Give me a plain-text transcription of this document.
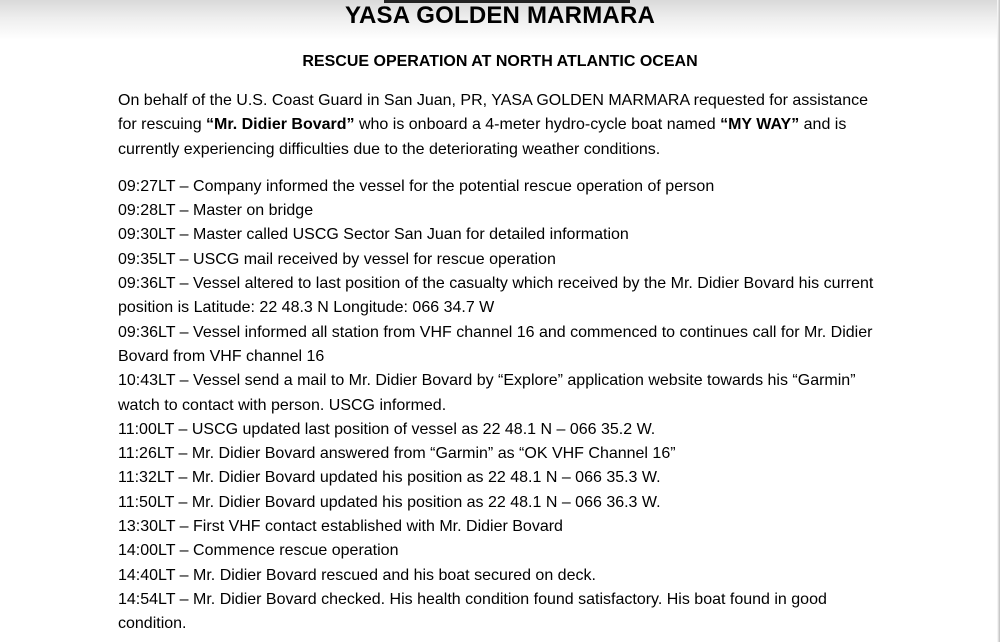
YASA GOLDEN MARMARA
RESCUE OPERATION AT NORTH ATLANTIC OCEAN

On behalf of the U.S. Coast Guard in San Juan, PR, YASA GOLDEN MARMARA requested for assistance for rescuing “Mr. Didier Bovard” who is onboard a 4-meter hydro-cycle boat named “MY WAY” and is currently experiencing difficulties due to the deteriorating weather conditions.

09:27LT – Company informed the vessel for the potential rescue operation of person
09:28LT – Master on bridge
09:30LT – Master called USCG Sector San Juan for detailed information
09:35LT – USCG mail received by vessel for rescue operation
09:36LT – Vessel altered to last position of the casualty which received by the Mr. Didier Bovard his current position is Latitude: 22 48.3 N Longitude: 066 34.7 W
09:36LT – Vessel informed all station from VHF channel 16 and commenced to continues call for Mr. Didier Bovard from VHF channel 16
10:43LT – Vessel send a mail to Mr. Didier Bovard by “Explore” application website towards his “Garmin” watch to contact with person. USCG informed.
11:00LT – USCG updated last position of vessel as 22 48.1 N – 066 35.2 W.
11:26LT – Mr. Didier Bovard answered from “Garmin” as “OK VHF Channel 16”
11:32LT – Mr. Didier Bovard updated his position as 22 48.1 N – 066 35.3 W.
11:50LT – Mr. Didier Bovard updated his position as 22 48.1 N – 066 36.3 W.
13:30LT – First VHF contact established with Mr. Didier Bovard
14:00LT – Commence rescue operation
14:40LT – Mr. Didier Bovard rescued and his boat secured on deck.
14:54LT – Mr. Didier Bovard checked. His health condition found satisfactory. His boat found in good condition.
